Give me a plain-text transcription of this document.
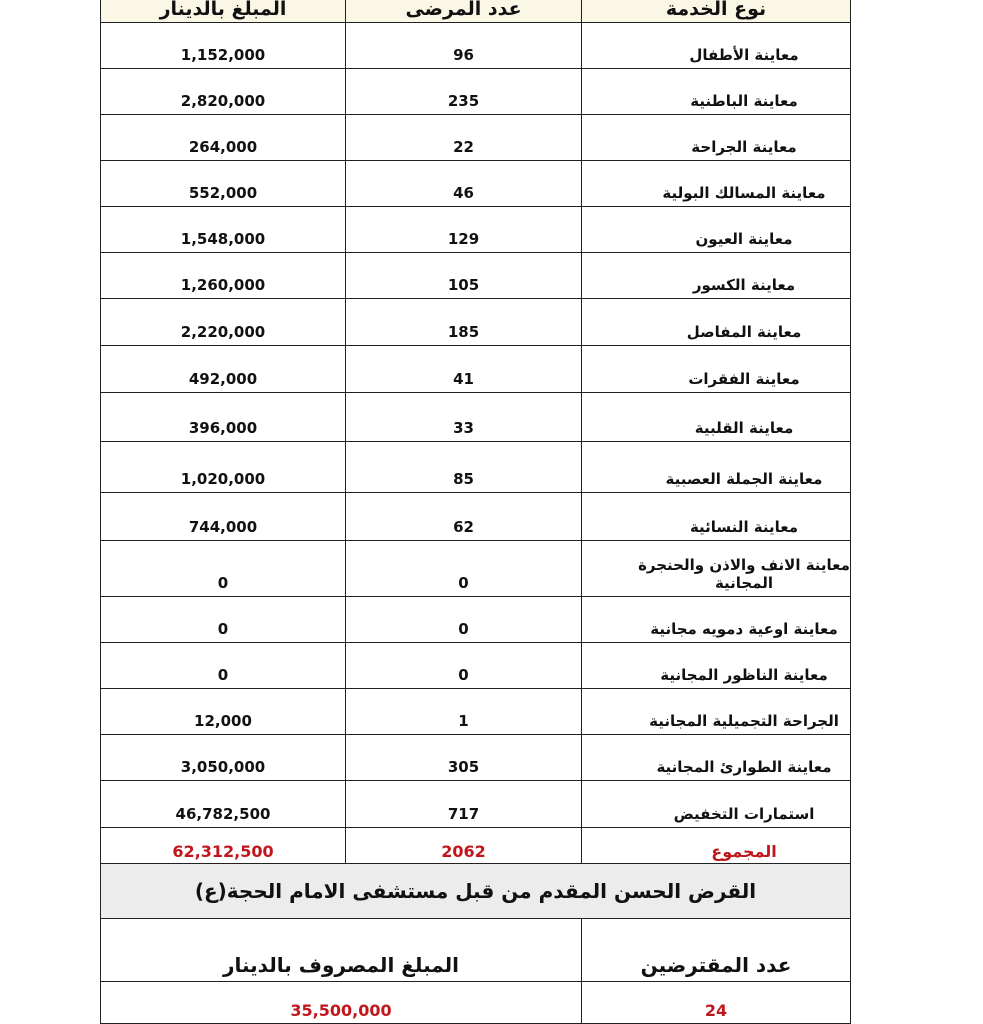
المبلغ بالدينار	عدد المرضى	نوع الخدمة
1,152,000	96	معاينة الأطفال
2,820,000	235	معاينة الباطنية
264,000	22	معاينة الجراحة
552,000	46	معاينة المسالك البولية
1,548,000	129	معاينة العيون
1,260,000	105	معاينة الكسور
2,220,000	185	معاينة المفاصل
492,000	41	معاينة الفقرات
396,000	33	معاينة القلبية
1,020,000	85	معاينة الجملة العصبية
744,000	62	معاينة النسائية
0	0	معاينة الانف والاذن والحنجرة المجانية
0	0	معاينة اوعية دمويه مجانية
0	0	معاينة الناظور المجانية
12,000	1	الجراحة التجميلية المجانية
3,050,000	305	معاينة الطوارئ المجانية
46,782,500	717	استمارات التخفيض
62,312,500	2062	المجموع
القرض الحسن المقدم من قبل مستشفى الامام الحجة(ع)	
المبلغ المصروف بالدينار	عدد المقترضين
35,500,000	24
